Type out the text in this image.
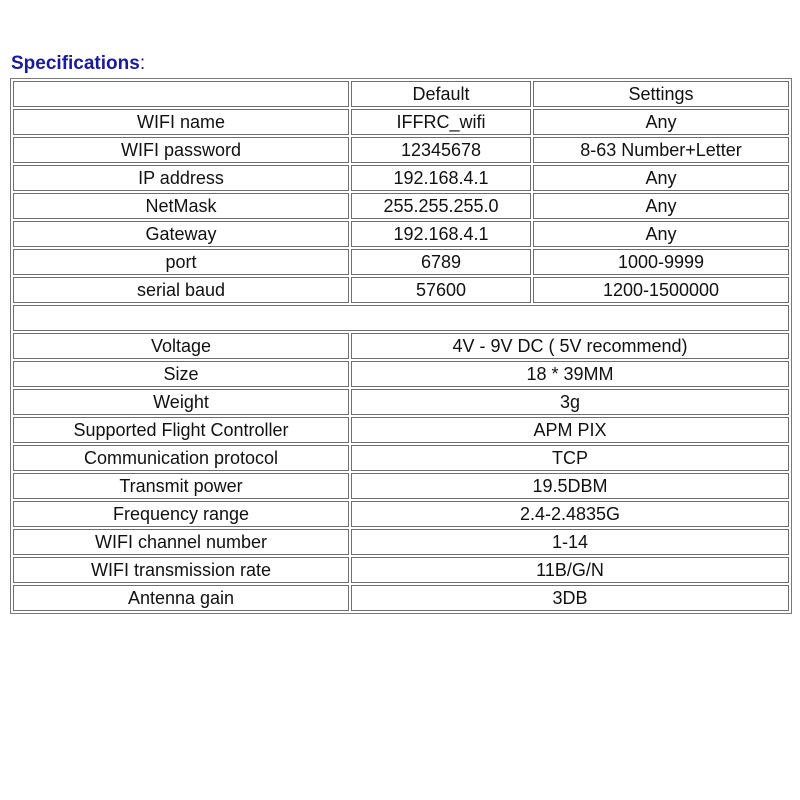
Specifications:
	Default	Settings
WIFI name	IFFRC_wifi	Any
WIFI password	12345678	8-63 Number+Letter
IP address	192.168.4.1	Any
NetMask	255.255.255.0	Any
Gateway	192.168.4.1	Any
port	6789	1000-9999
serial baud	57600	1200-1500000

Voltage	4V - 9V DC ( 5V recommend)	
Size	18 * 39MM	
Weight	3g	
Supported Flight Controller	APM PIX	
Communication protocol	TCP	
Transmit power	19.5DBM	
Frequency range	2.4-2.4835G	
WIFI channel number	1-14	
WIFI transmission rate	11B/G/N	
Antenna gain	3DB	
